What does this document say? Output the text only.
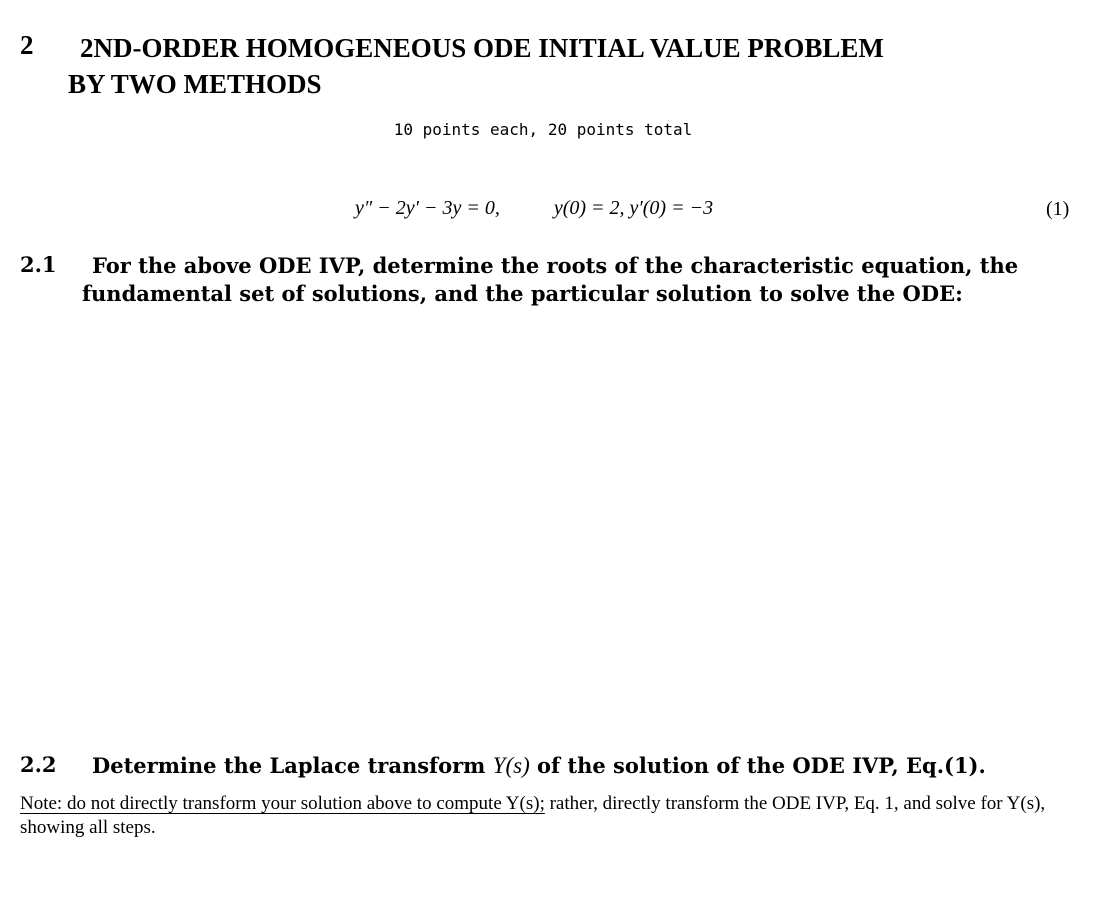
2	2ND-ORDER HOMOGENEOUS ODE INITIAL VALUE PROBLEM
BY TWO METHODS
10 points each, 20 points total
y″ − 2y′ − 3y = 0,	y(0) = 2, y′(0) = −3	(1)
2.1	For the above ODE IVP, determine the roots of the characteristic equation, the fundamental set of solutions, and the particular solution to solve the ODE:
2.2 Determine the Laplace transform Y(s) of the solution of the ODE IVP, Eq.(1).
Note: do not directly transform your solution above to compute Y(s); rather, directly transform the ODE IVP, Eq. 1, and solve for Y(s), showing all steps.
